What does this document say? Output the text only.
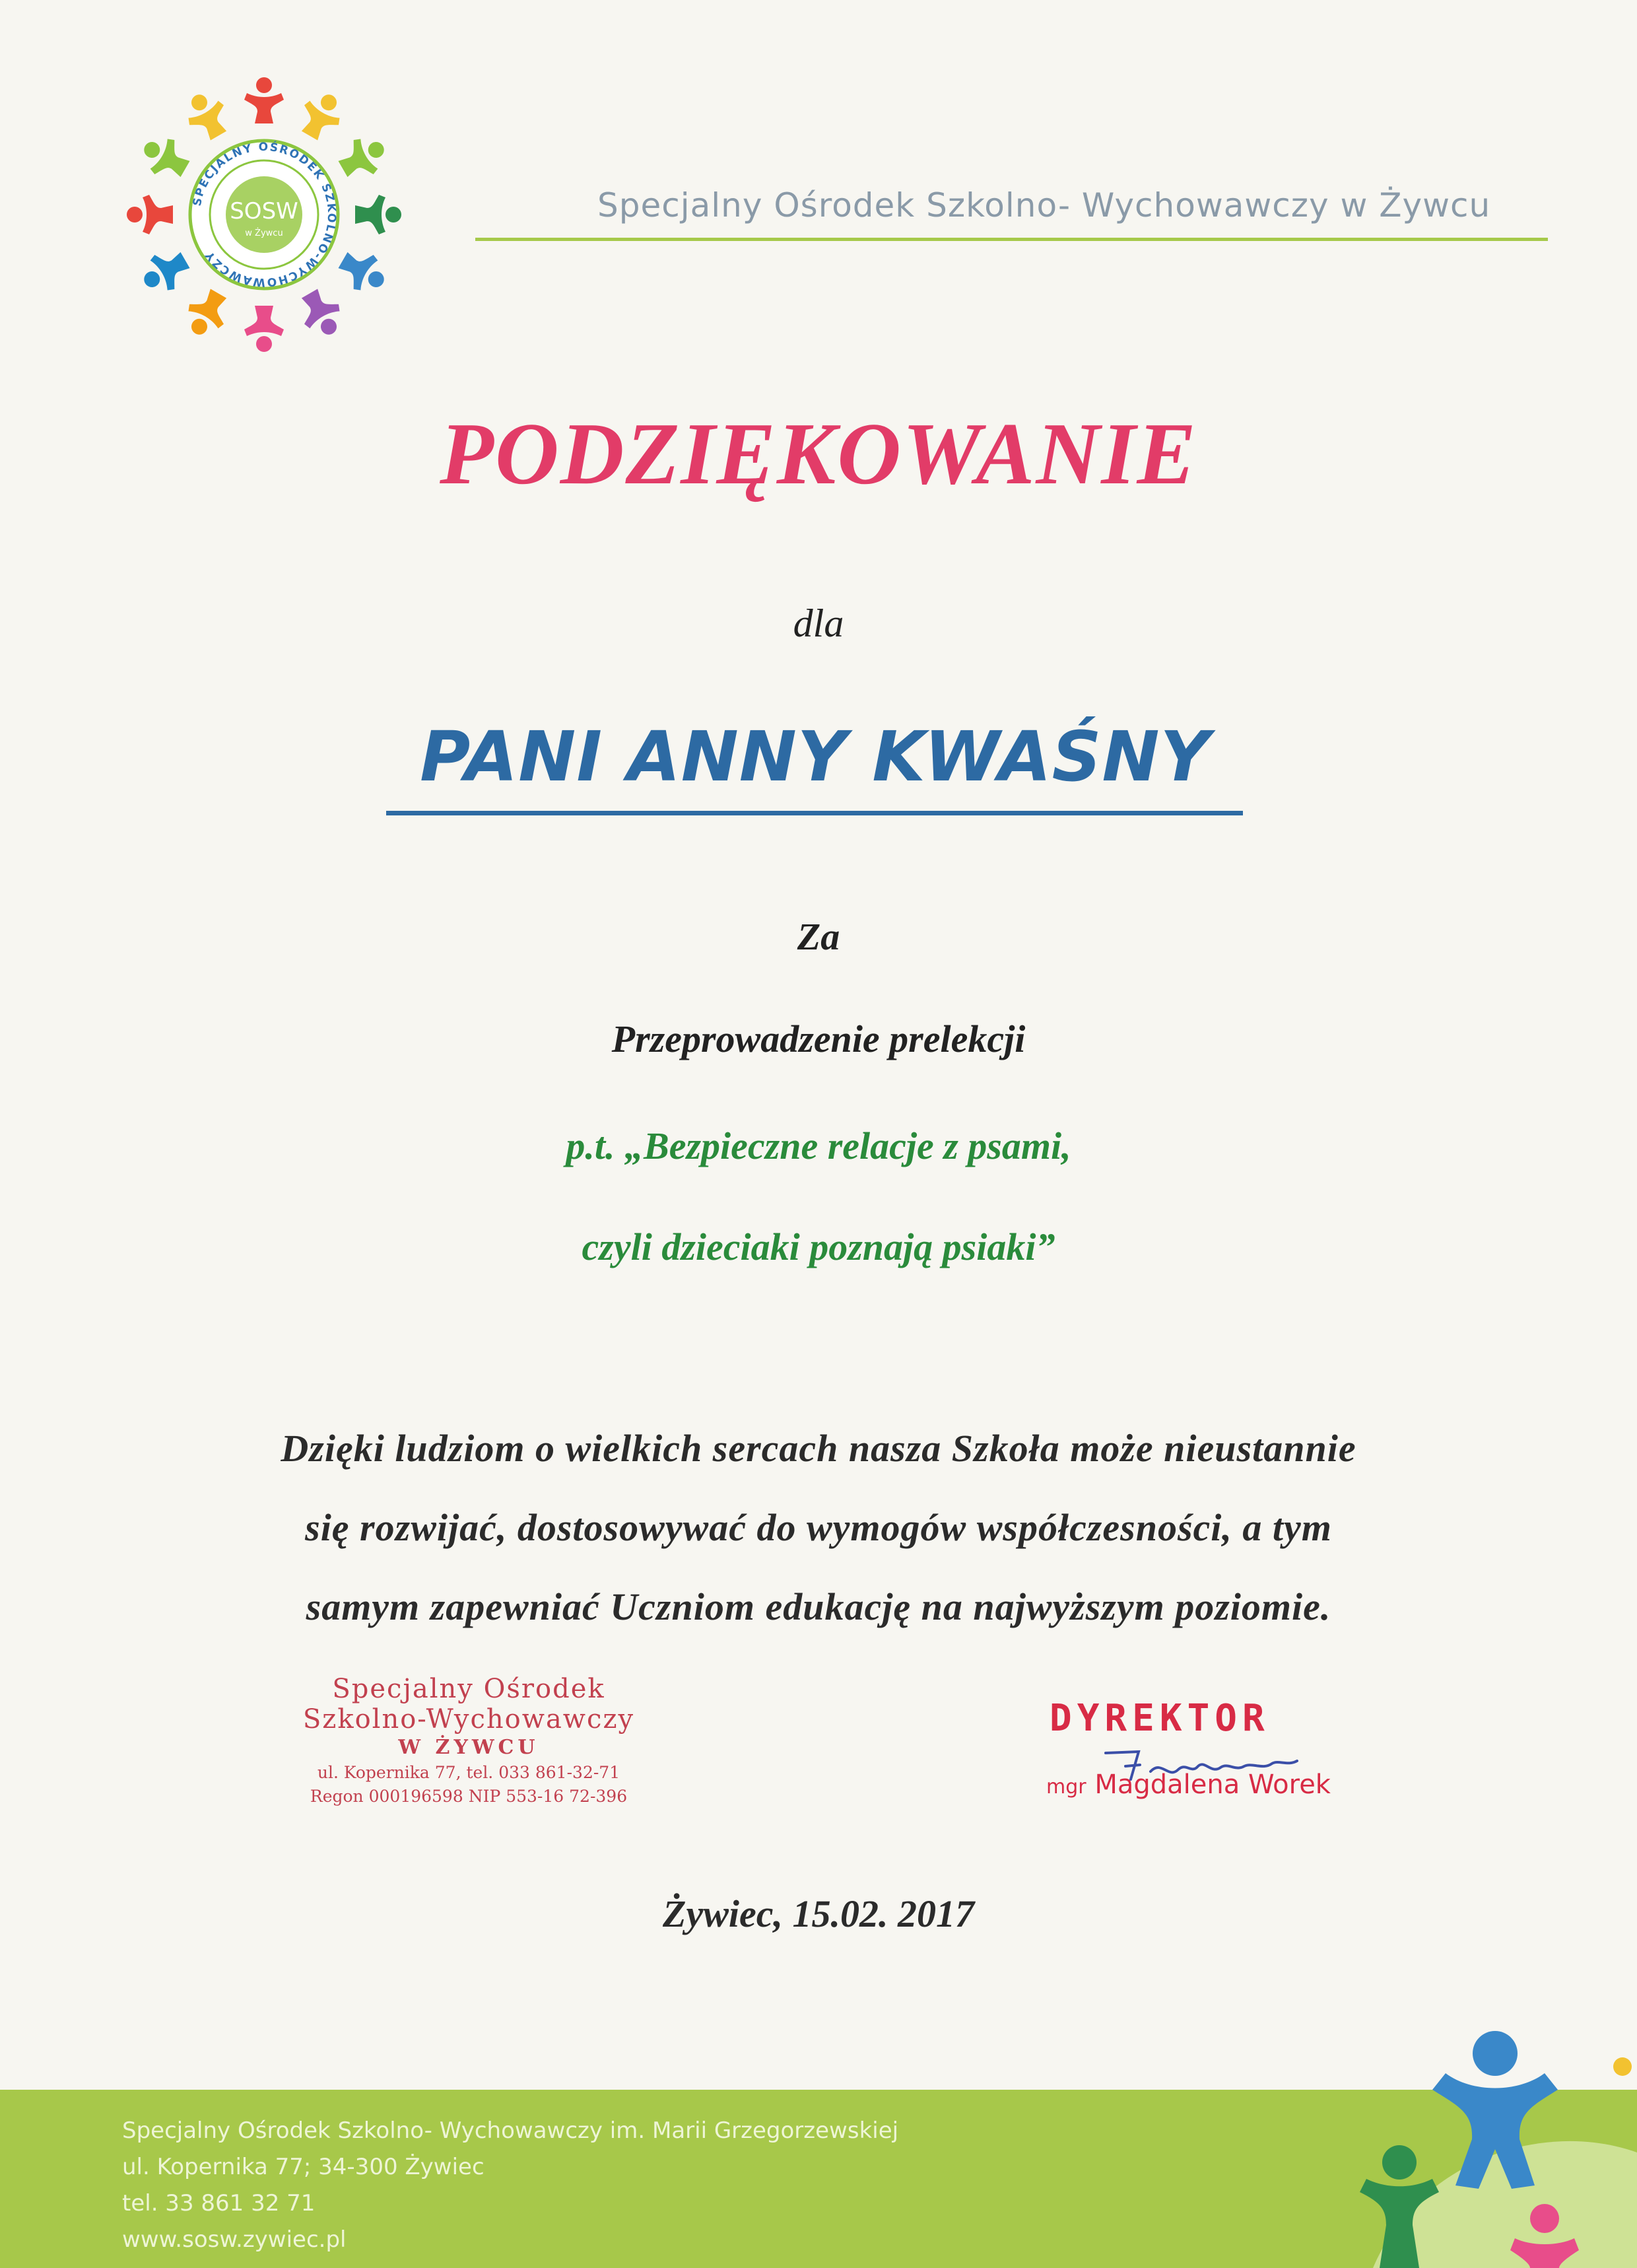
SPECJALNY OŚRODEK SZKOLNO-WYCHOWAWCZY
SOSW
w Żywcu
Specjalny Ośrodek Szkolno- Wychowawczy w Żywcu
PODZIĘKOWANIE
dla
PANI ANNY KWAŚNY
Za
Przeprowadzenie prelekcji
p.t. „Bezpieczne relacje z psami,
czyli dzieciaki poznają psiaki”
Dzięki ludziom o wielkich sercach nasza Szkoła może nieustannie
się rozwijać, dostosowywać do wymogów współczesności, a tym
samym zapewniać Uczniom edukację na najwyższym poziomie.
Specjalny Ośrodek
Szkolno-Wychowawczy
W ŻYWCU
ul. Kopernika 77, tel. 033 861-32-71
Regon 000196598 NIP 553-16 72-396
DYREKTOR
mgr Magdalena Worek
Żywiec, 15.02. 2017
Specjalny Ośrodek Szkolno- Wychowawczy im. Marii Grzegorzewskiej
ul. Kopernika 77; 34-300 Żywiec
tel. 33 861 32 71
www.sosw.zywiec.pl
